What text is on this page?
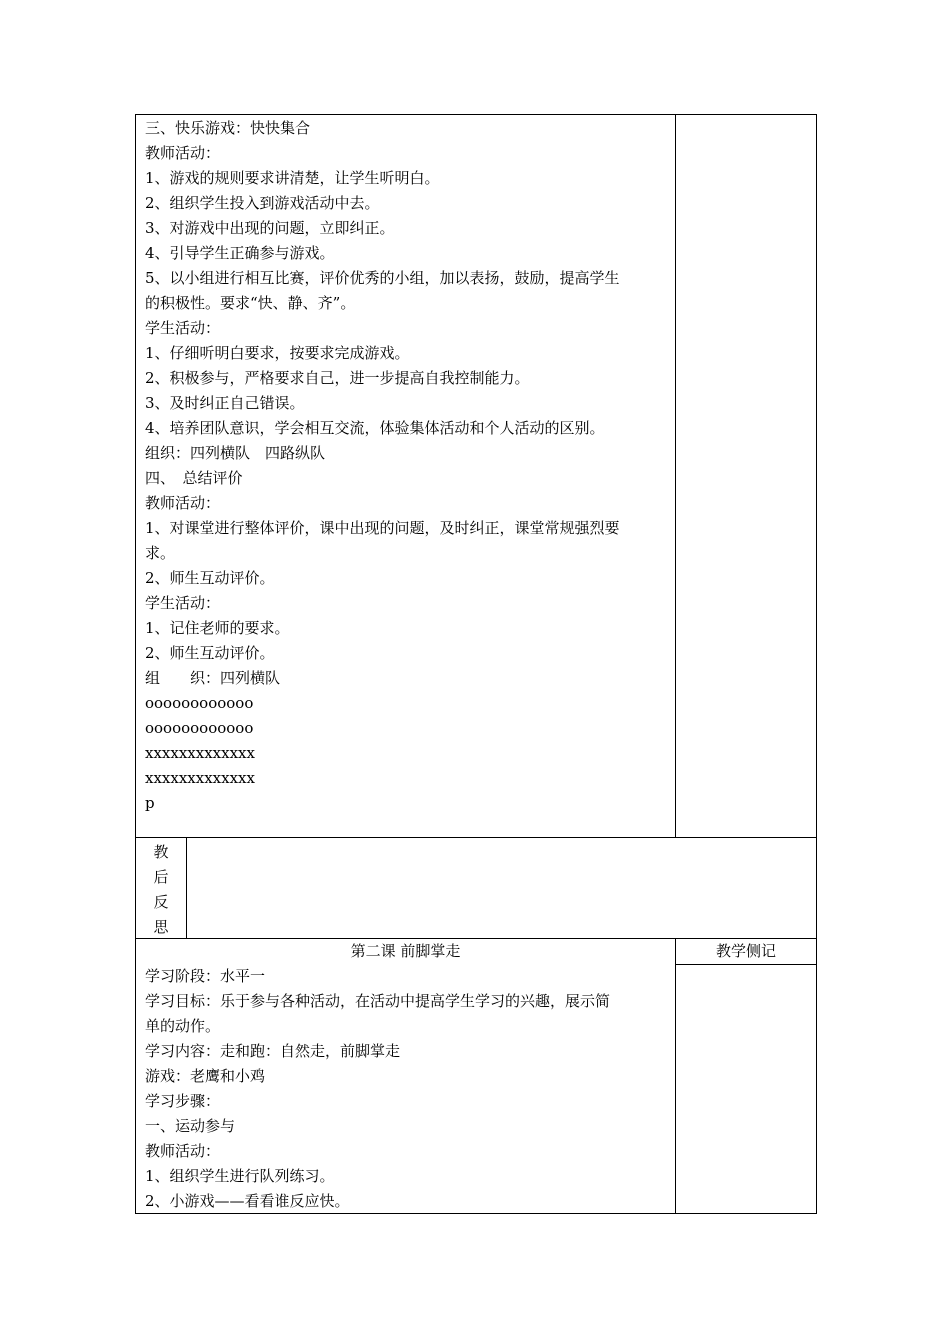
三、快乐游戏：快快集合

教师活动：

1、游戏的规则要求讲清楚，让学生听明白。

2、组织学生投入到游戏活动中去。

3、对游戏中出现的问题，立即纠正。

4、引导学生正确参与游戏。

5、以小组进行相互比赛，评价优秀的小组，加以表扬，鼓励，提高学生

的积极性。要求“快、静、齐”。

学生活动：

1、仔细听明白要求，按要求完成游戏。

2、积极参与，严格要求自己，进一步提高自我控制能力。

3、及时纠正自己错误。

4、培养团队意识，学会相互交流，体验集体活动和个人活动的区别。

组织：四列横队　四路纵队

四、　总结评价

教师活动：

1、对课堂进行整体评价，课中出现的问题，及时纠正，课堂常规强烈要

求。

2、师生互动评价。

学生活动：

1、记住老师的要求。

2、师生互动评价。

组　　织：四列横队

oooooooooooo

oooooooooooo

xxxxxxxxxxxxx

xxxxxxxxxxxxx

p

教

后

反

思

第二课 前脚掌走	教学侧记

学习阶段：水平一

学习目标：乐于参与各种活动，在活动中提高学生学习的兴趣，展示简

单的动作。

学习内容：走和跑：自然走，前脚掌走

游戏：老鹰和小鸡

学习步骤：

一、运动参与

教师活动：

1、组织学生进行队列练习。

2、小游戏——看看谁反应快。
